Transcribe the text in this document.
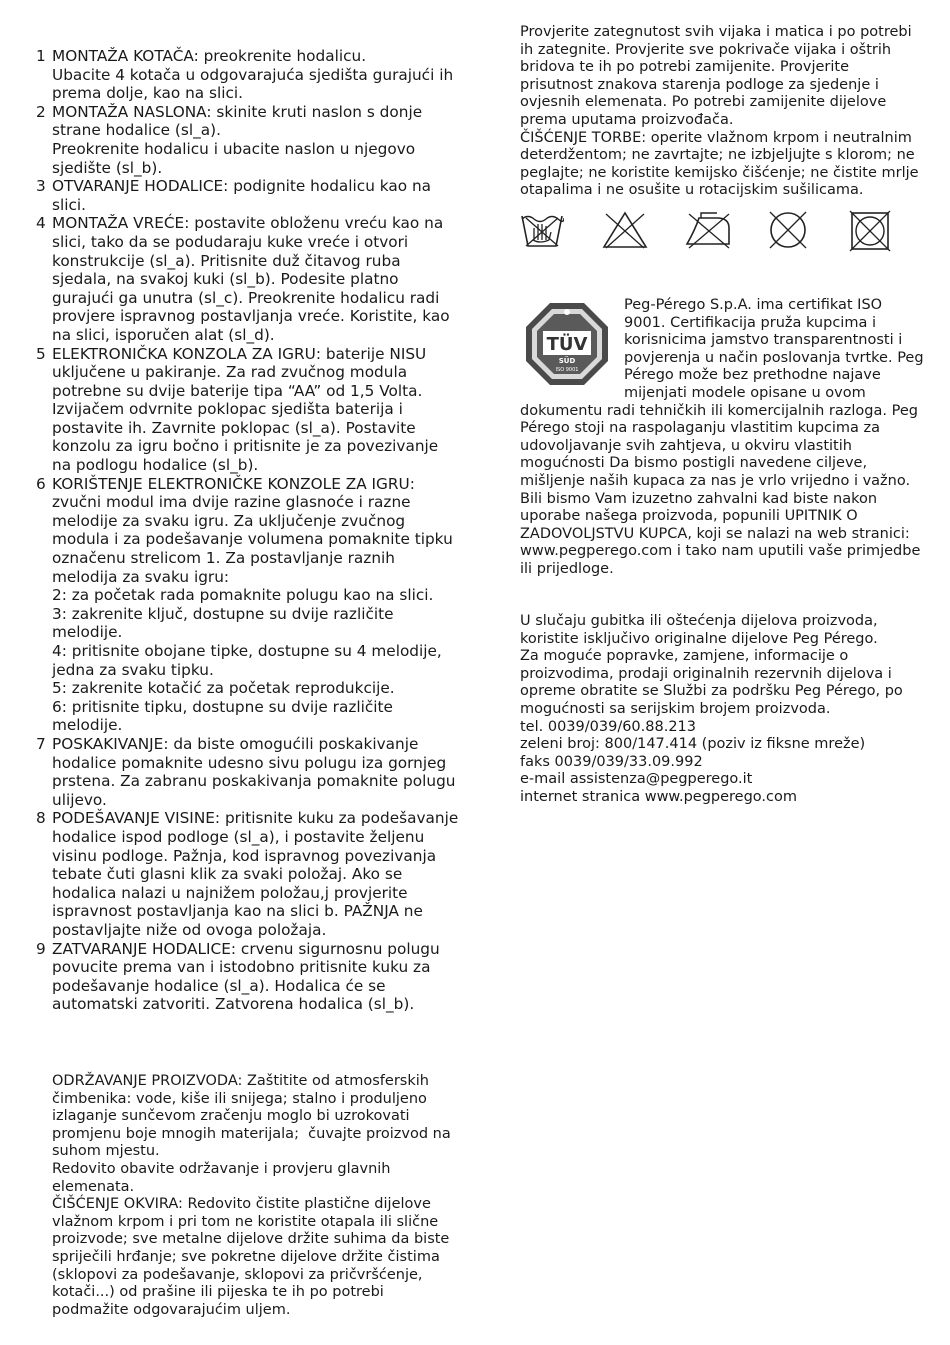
1 MONTAŽA KOTAČA: preokrenite hodalicu.
Ubacite 4 kotača u odgovarajuća sjedišta gurajući ih prema dolje, kao na slici.
2 MONTAŽA NASLONA: skinite kruti naslon s donje strane hodalice (sl_a).
Preokrenite hodalicu i ubacite naslon u njegovo sjedište (sl_b).
3 OTVARANJE HODALICE: podignite hodalicu kao na slici.
4 MONTAŽA VREĆE: postavite obloženu vreću kao na slici, tako da se podudaraju kuke vreće i otvori konstrukcije (sl_a). Pritisnite duž čitavog ruba sjedala, na svakoj kuki (sl_b). Podesite platno gurajući ga unutra (sl_c). Preokrenite hodalicu radi provjere ispravnog postavljanja vreće. Koristite, kao na slici, isporučen alat (sl_d).
5 ELEKTRONIČKA KONZOLA ZA IGRU: baterije NISU uključene u pakiranje. Za rad zvučnog modula potrebne su dvije baterije tipa “AA” od 1,5 Volta. Izvijačem odvrnite poklopac sjedišta baterija i postavite ih. Zavrnite poklopac (sl_a). Postavite konzolu za igru bočno i pritisnite je za povezivanje na podlogu hodalice (sl_b).
6 KORIŠTENJE ELEKTRONIČKE KONZOLE ZA IGRU: zvučni modul ima dvije razine glasnoće i razne melodije za svaku igru. Za uključenje zvučnog modula i za podešavanje volumena pomaknite tipku označenu strelicom 1. Za postavljanje raznih melodija za svaku igru:
2: za početak rada pomaknite polugu kao na slici.
3: zakrenite ključ, dostupne su dvije različite melodije.
4: pritisnite obojane tipke, dostupne su 4 melodije, jedna za svaku tipku.
5: zakrenite kotačić za početak reprodukcije.
6: pritisnite tipku, dostupne su dvije različite melodije.
7 POSKAKIVANJE: da biste omogućili poskakivanje hodalice pomaknite udesno sivu polugu iza gornjeg prstena. Za zabranu poskakivanja pomaknite polugu ulijevo.
8 PODEŠAVANJE VISINE: pritisnite kuku za podešavanje hodalice ispod podloge (sl_a), i postavite željenu visinu podloge. Pažnja, kod ispravnog povezivanja tebate čuti glasni klik za svaki položaj. Ako se hodalica nalazi u najnižem položau,j provjerite ispravnost postavljanja kao na slici b. PAŽNJA ne postavljajte niže od ovoga položaja.
9 ZATVARANJE HODALICE: crvenu sigurnosnu polugu povucite prema van i istodobno pritisnite kuku za podešavanje hodalice (sl_a). Hodalica će se automatski zatvoriti. Zatvorena hodalica (sl_b).
ODRŽAVANJE PROIZVODA: Zaštitite od atmosferskih čimbenika: vode, kiše ili snijega; stalno i produljeno izlaganje sunčevom zračenju moglo bi uzrokovati promjenu boje mnogih materijala;  čuvajte proizvod na suhom mjestu.
Redovito obavite održavanje i provjeru glavnih elemenata.
ČIŠĆENJE OKVIRA: Redovito čistite plastične dijelove vlažnom krpom i pri tom ne koristite otapala ili slične proizvode; sve metalne dijelove držite suhima da biste spriječili hrđanje; sve pokretne dijelove držite čistima (sklopovi za podešavanje, sklopovi za pričvršćenje, kotači...) od prašine ili pijeska te ih po potrebi podmažite odgovarajućim uljem.
Provjerite zategnutost svih vijaka i matica i po potrebi ih zategnite. Provjerite sve pokrivače vijaka i oštrih bridova te ih po potrebi zamijenite. Provjerite prisutnost znakova starenja podloge za sjedenje i ovjesnih elemenata. Po potrebi zamijenite dijelove prema uputama proizvođača.
ČIŠĆENJE TORBE: operite vlažnom krpom i neutralnim deterdžentom; ne zavrtajte; ne izbjeljujte s klorom; ne peglajte; ne koristite kemijsko čišćenje; ne čistite mrlje otapalima i ne osušite u rotacijskim sušilicama.
TÜV
SÜD
ISO 9001
Peg-Pérego S.p.A. ima certifikat ISO 9001. Certifikacija pruža kupcima i korisnicima jamstvo transparentnosti i povjerenja u način poslovanja tvrtke. Peg Pérego može bez prethodne najave mijenjati modele opisane u ovom
dokumentu radi tehničkih ili komercijalnih razloga. Peg Pérego stoji na raspolaganju vlastitim kupcima za udovoljavanje svih zahtjeva, u okviru vlastitih mogućnosti Da bismo postigli navedene ciljeve, mišljenje naših kupaca za nas je vrlo vrijedno i važno. Bili bismo Vam izuzetno zahvalni kad biste nakon uporabe našega proizvoda, popunili UPITNIK O ZADOVOLJSTVU KUPCA, koji se nalazi na web stranici: www.pegperego.com i tako nam uputili vaše primjedbe ili prijedloge.
U slučaju gubitka ili oštećenja dijelova proizvoda, koristite isključivo originalne dijelove Peg Pérego.
Za moguće popravke, zamjene, informacije o proizvodima, prodaji originalnih rezervnih dijelova i opreme obratite se Službi za podršku Peg Pérego, po mogućnosti sa serijskim brojem proizvoda.
tel. 0039/039/60.88.213
zeleni broj: 800/147.414 (poziv iz fiksne mreže)
faks 0039/039/33.09.992
e-mail assistenza@pegperego.it
internet stranica www.pegperego.com
